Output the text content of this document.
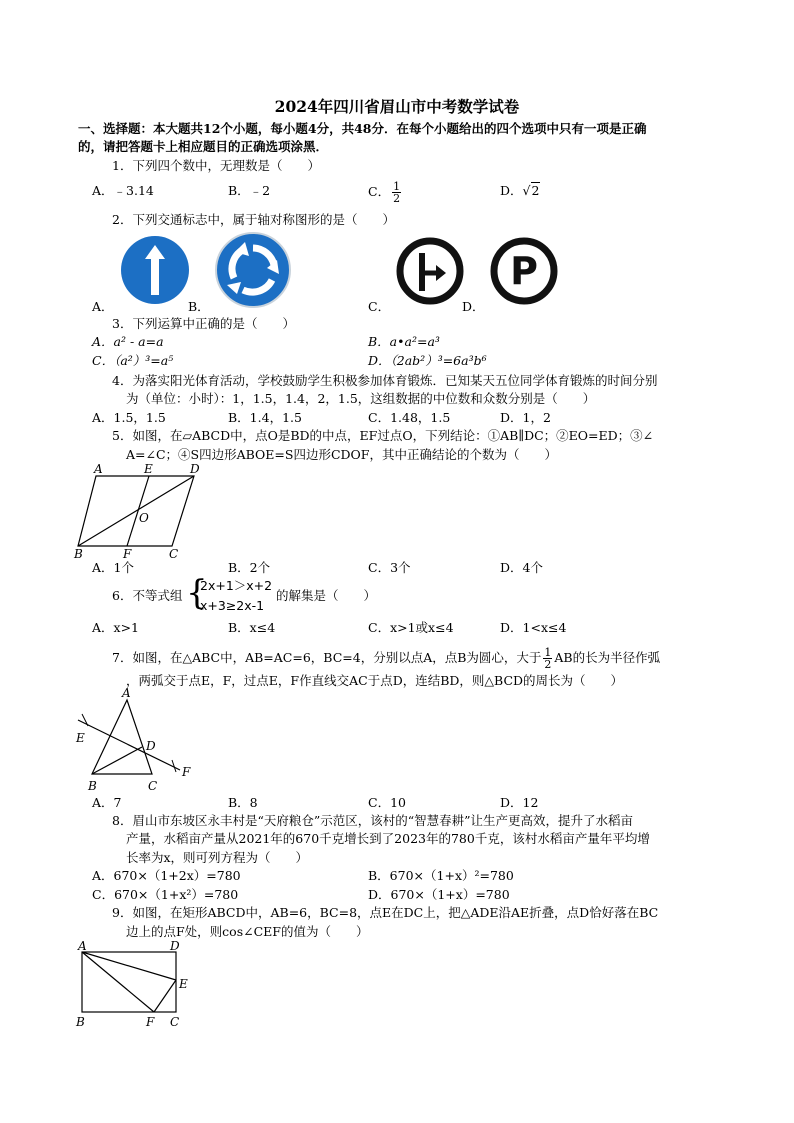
2024年四川省眉山市中考数学试卷
一、选择题：本大题共12个小题，每小题4分，共48分．在每个小题给出的四个选项中只有一项是正确
的，请把答题卡上相应题目的正确选项涂黑．
1．下列四个数中，无理数是（　　）
A．﹣3.14	B．﹣2	C． $\frac{1}{2}$	D．√2
2．下列交通标志中，属于轴对称图形的是（　　）
P
A．	B．	C．	D．
3．下列运算中正确的是（　　）
A．a² - a=a	B．a•a²=a³
C．（a²）³=a⁵	D．（2ab²）³=6a³b⁶
4．为落实阳光体育活动，学校鼓励学生积极参加体育锻炼．已知某天五位同学体育锻炼的时间分别
为（单位：小时）：1，1.5，1.4，2，1.5，这组数据的中位数和众数分别是（　　）
A．1.5，1.5	B．1.4，1.5	C．1.48，1.5	D．1，2
5．如图，在▱ABCD中，点O是BD的中点，EF过点O，下列结论：①AB∥DC；②EO=ED；③∠
A=∠C；④S四边形ABOE=S四边形CDOF，其中正确结论的个数为（　　）
A	E	D
O
B	F	C
A．1个	B．2个	C．3个	D．4个
6．不等式组 {
2x+1＞x+2
x+3≥2x-1
的解集是（　　）
A．x>1	B．x≤4	C．x>1或x≤4	D．1<x≤4
7．如图，在△ABC中，AB=AC=6，BC=4，分别以点A，点B为圆心，大于 $\frac{1}{2}$ AB的长为半径作弧
，两弧交于点E，F，过点E，F作直线交AC于点D，连结BD，则△BCD的周长为（　　）
A
E
D
B	C
F
A．7	B．8	C．10	D．12
8．眉山市东坡区永丰村是“天府粮仓”示范区，该村的“智慧春耕”让生产更高效，提升了水稻亩
产量，水稻亩产量从2021年的670千克增长到了2023年的780千克，该村水稻亩产量年平均增
长率为x，则可列方程为（　　）
A．670×（1+2x）=780	B．670×（1+x）²=780
C．670×（1+x²）=780	D．670×（1+x）=780
9．如图，在矩形ABCD中，AB=6，BC=8，点E在DC上，把△ADE沿AE折叠，点D恰好落在BC
边上的点F处，则cos∠CEF的值为（　　）
A	D
E
B	F C
